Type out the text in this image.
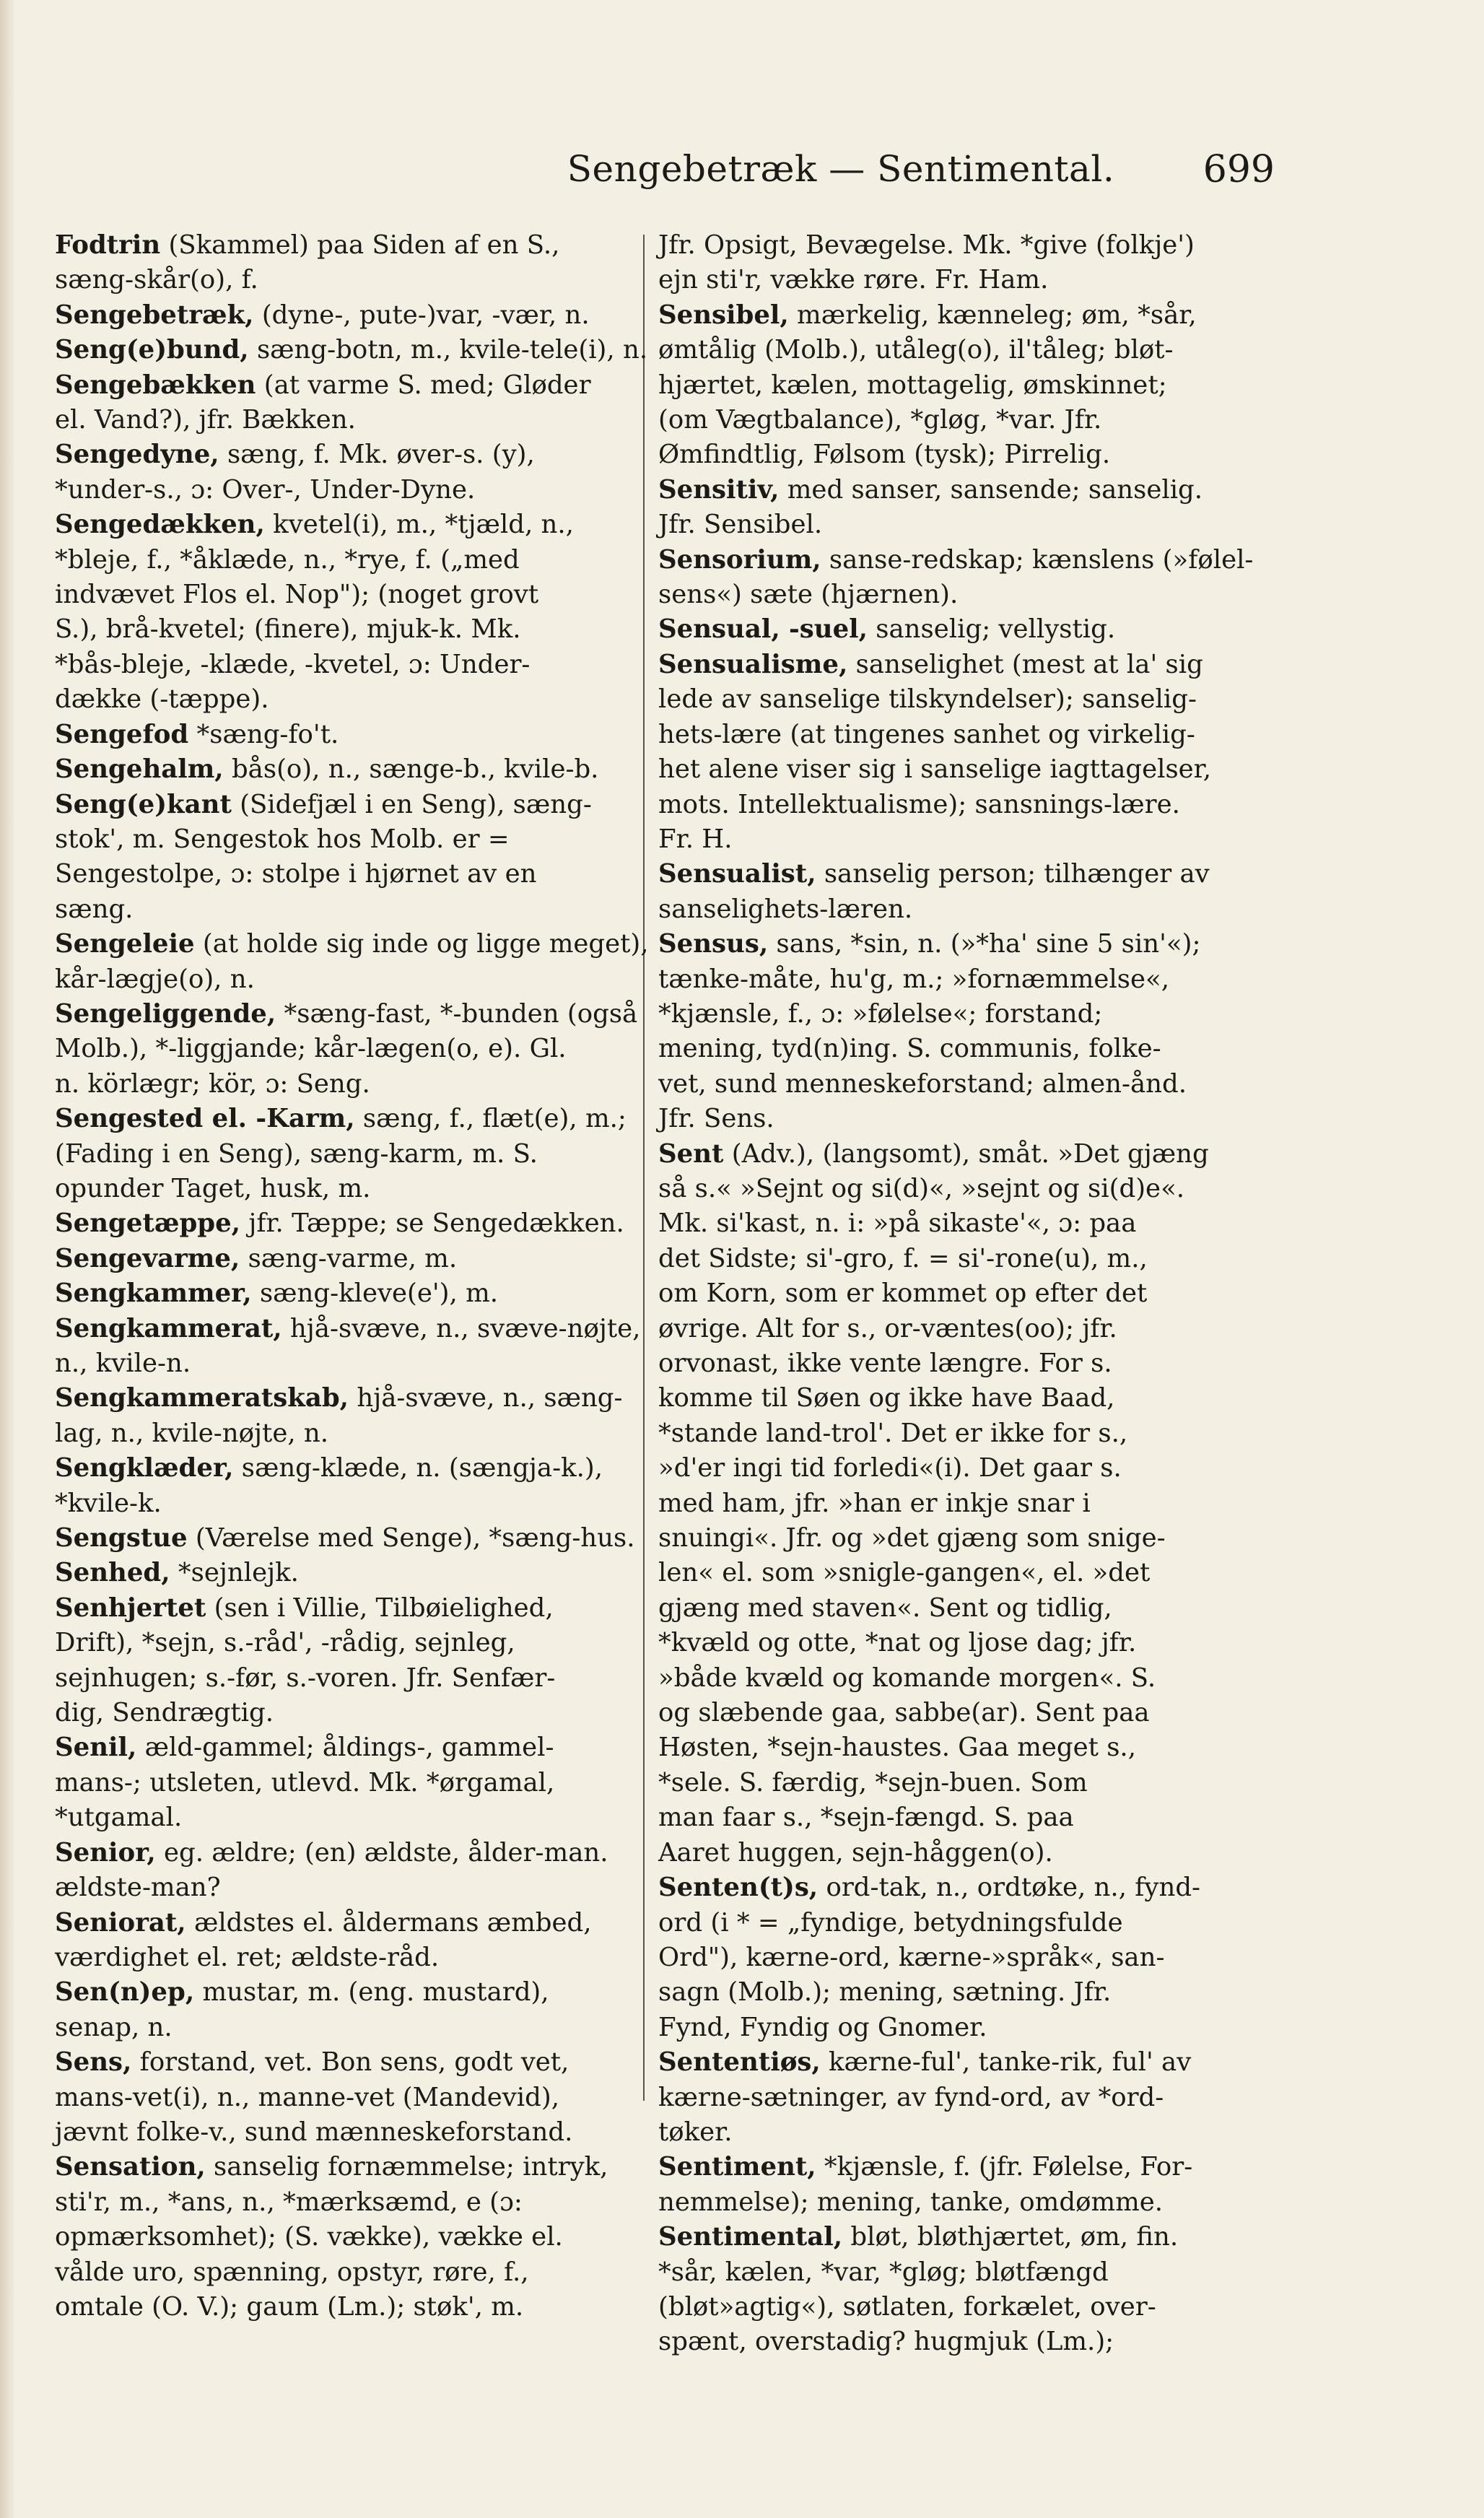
Sengebetræk — Sentimental.	699
Fodtrin (Skammel) paa Siden af en S.,
sæng-skår(o), f.
Sengebetræk, (dyne-, pute-)var, -vær, n.
Seng(e)bund, sæng-botn, m., kvile-tele(i), n.
Sengebækken (at varme S. med; Gløder
el. Vand?), jfr. Bækken.
Sengedyne, sæng, f. Mk. øver-s. (y),
*under-s., ɔ: Over-, Under-Dyne.
Sengedækken, kvetel(i), m., *tjæld, n.,
*bleje, f., *åklæde, n., *rye, f. („med
indvævet Flos el. Nop"); (noget grovt
S.), brå-kvetel; (finere), mjuk-k. Mk.
*bås-bleje, -klæde, -kvetel, ɔ: Under-
dække (-tæppe).
Sengefod *sæng-fo't.
Sengehalm, bås(o), n., sænge-b., kvile-b.
Seng(e)kant (Sidefjæl i en Seng), sæng-
stok', m. Sengestok hos Molb. er =
Sengestolpe, ɔ: stolpe i hjørnet av en
sæng.
Sengeleie (at holde sig inde og ligge meget),
kår-lægje(o), n.
Sengeliggende, *sæng-fast, *-bunden (også
Molb.), *-liggjande; kår-lægen(o, e). Gl.
n. körlægr; kör, ɔ: Seng.
Sengested el. -Karm, sæng, f., flæt(e), m.;
(Fading i en Seng), sæng-karm, m. S.
opunder Taget, husk, m.
Sengetæppe, jfr. Tæppe; se Sengedækken.
Sengevarme, sæng-varme, m.
Sengkammer, sæng-kleve(e'), m.
Sengkammerat, hjå-svæve, n., svæve-nøjte,
n., kvile-n.
Sengkammeratskab, hjå-svæve, n., sæng-
lag, n., kvile-nøjte, n.
Sengklæder, sæng-klæde, n. (sængja-k.),
*kvile-k.
Sengstue (Værelse med Senge), *sæng-hus.
Senhed, *sejnlejk.
Senhjertet (sen i Villie, Tilbøielighed,
Drift), *sejn, s.-råd', -rådig, sejnleg,
sejnhugen; s.-før, s.-voren. Jfr. Senfær-
dig, Sendrægtig.
Senil, æld-gammel; åldings-, gammel-
mans-; utsleten, utlevd. Mk. *ørgamal,
*utgamal.
Senior, eg. ældre; (en) ældste, ålder-man.
ældste-man?
Seniorat, ældstes el. åldermans æmbed,
værdighet el. ret; ældste-råd.
Sen(n)ep, mustar, m. (eng. mustard),
senap, n.
Sens, forstand, vet. Bon sens, godt vet,
mans-vet(i), n., manne-vet (Mandevid),
jævnt folke-v., sund mænneskeforstand.
Sensation, sanselig fornæmmelse; intryk,
sti'r, m., *ans, n., *mærksæmd, e (ɔ:
opmærksomhet); (S. vække), vække el.
vålde uro, spænning, opstyr, røre, f.,
omtale (O. V.); gaum (Lm.); støk', m.
Jfr. Opsigt, Bevægelse. Mk. *give (folkje')
ejn sti'r, vække røre. Fr. Ham.
Sensibel, mærkelig, kænneleg; øm, *sår,
ømtålig (Molb.), utåleg(o), il'tåleg; bløt-
hjærtet, kælen, mottagelig, ømskinnet;
(om Vægtbalance), *gløg, *var. Jfr.
Ømfindtlig, Følsom (tysk); Pirrelig.
Sensitiv, med sanser, sansende; sanselig.
Jfr. Sensibel.
Sensorium, sanse-redskap; kænslens (»følel-
sens«) sæte (hjærnen).
Sensual, -suel, sanselig; vellystig.
Sensualisme, sanselighet (mest at la' sig
lede av sanselige tilskyndelser); sanselig-
hets-lære (at tingenes sanhet og virkelig-
het alene viser sig i sanselige iagttagelser,
mots. Intellektualisme); sansnings-lære.
Fr. H.
Sensualist, sanselig person; tilhænger av
sanselighets-læren.
Sensus, sans, *sin, n. (»*ha' sine 5 sin'«);
tænke-måte, hu'g, m.; »fornæmmelse«,
*kjænsle, f., ɔ: »følelse«; forstand;
mening, tyd(n)ing. S. communis, folke-
vet, sund menneskeforstand; almen-ånd.
Jfr. Sens.
Sent (Adv.), (langsomt), småt. »Det gjæng
så s.« »Sejnt og si(d)«, »sejnt og si(d)e«.
Mk. si'kast, n. i: »på sikaste'«, ɔ: paa
det Sidste; si'-gro, f. = si'-rone(u), m.,
om Korn, som er kommet op efter det
øvrige. Alt for s., or-væntes(oo); jfr.
orvonast, ikke vente længre. For s.
komme til Søen og ikke have Baad,
*stande land-trol'. Det er ikke for s.,
»d'er ingi tid forledi«(i). Det gaar s.
med ham, jfr. »han er inkje snar i
snuingi«. Jfr. og »det gjæng som snige-
len« el. som »snigle-gangen«, el. »det
gjæng med staven«. Sent og tidlig,
*kvæld og otte, *nat og ljose dag; jfr.
»både kvæld og komande morgen«. S.
og slæbende gaa, sabbe(ar). Sent paa
Høsten, *sejn-haustes. Gaa meget s.,
*sele. S. færdig, *sejn-buen. Som
man faar s., *sejn-fængd. S. paa
Aaret huggen, sejn-håggen(o).
Senten(t)s, ord-tak, n., ordtøke, n., fynd-
ord (i * = „fyndige, betydningsfulde
Ord"), kærne-ord, kærne-»språk«, san-
sagn (Molb.); mening, sætning. Jfr.
Fynd, Fyndig og Gnomer.
Sententiøs, kærne-ful', tanke-rik, ful' av
kærne-sætninger, av fynd-ord, av *ord-
tøker.
Sentiment, *kjænsle, f. (jfr. Følelse, For-
nemmelse); mening, tanke, omdømme.
Sentimental, bløt, bløthjærtet, øm, fin.
*sår, kælen, *var, *gløg; bløtfængd
(bløt»agtig«), søtlaten, forkælet, over-
spænt, overstadig? hugmjuk (Lm.);
